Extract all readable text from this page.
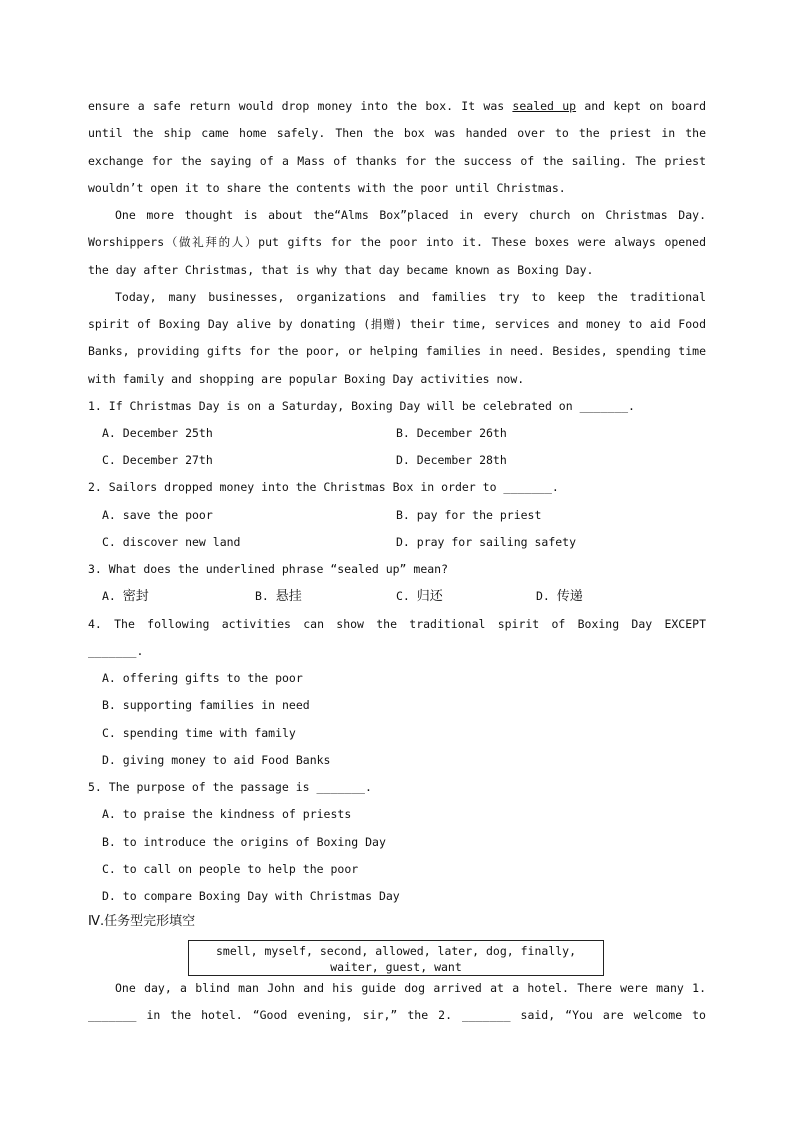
ensure a safe return would drop money into the box. It was sealed up and kept on board
until the ship came home safely. Then the box was handed over to the priest in the
exchange for the saying of a Mass of thanks for the success of the sailing. The priest
wouldn’t open it to share the contents with the poor until Christmas.
One more thought is about the“Alms Box”placed in every church on Christmas Day.
Worshippers（做礼拜的人）put gifts for the poor into it. These boxes were always opened
the day after Christmas, that is why that day became known as Boxing Day.
Today, many businesses, organizations and families try to keep the traditional
spirit of Boxing Day alive by donating (捐赠) their time, services and money to aid Food
Banks, providing gifts for the poor, or helping families in need. Besides, spending time
with family and shopping are popular Boxing Day activities now.
1. If Christmas Day is on a Saturday, Boxing Day will be celebrated on _______.
A. December 25th	B. December 26th
C. December 27th	D. December 28th
2. Sailors dropped money into the Christmas Box in order to _______.
A. save the poor	B. pay for the priest
C. discover new land	D. pray for sailing safety
3. What does the underlined phrase “sealed up” mean?
A. 密封	B. 悬挂	C. 归还	D. 传递
4. The following activities can show the traditional spirit of Boxing Day EXCEPT
_______.
A. offering gifts to the poor
B. supporting families in need
C. spending time with family
D. giving money to aid Food Banks
5. The purpose of the passage is _______.
A. to praise the kindness of priests
B. to introduce the origins of Boxing Day
C. to call on people to help the poor
D. to compare Boxing Day with Christmas Day
Ⅳ.任务型完形填空
smell, myself, second, allowed, later, dog, finally,
waiter, guest, want
One day, a blind man John and his guide dog arrived at a hotel. There were many 1.
_______ in the hotel. “Good evening, sir,” the 2. _______ said, “You are welcome to
